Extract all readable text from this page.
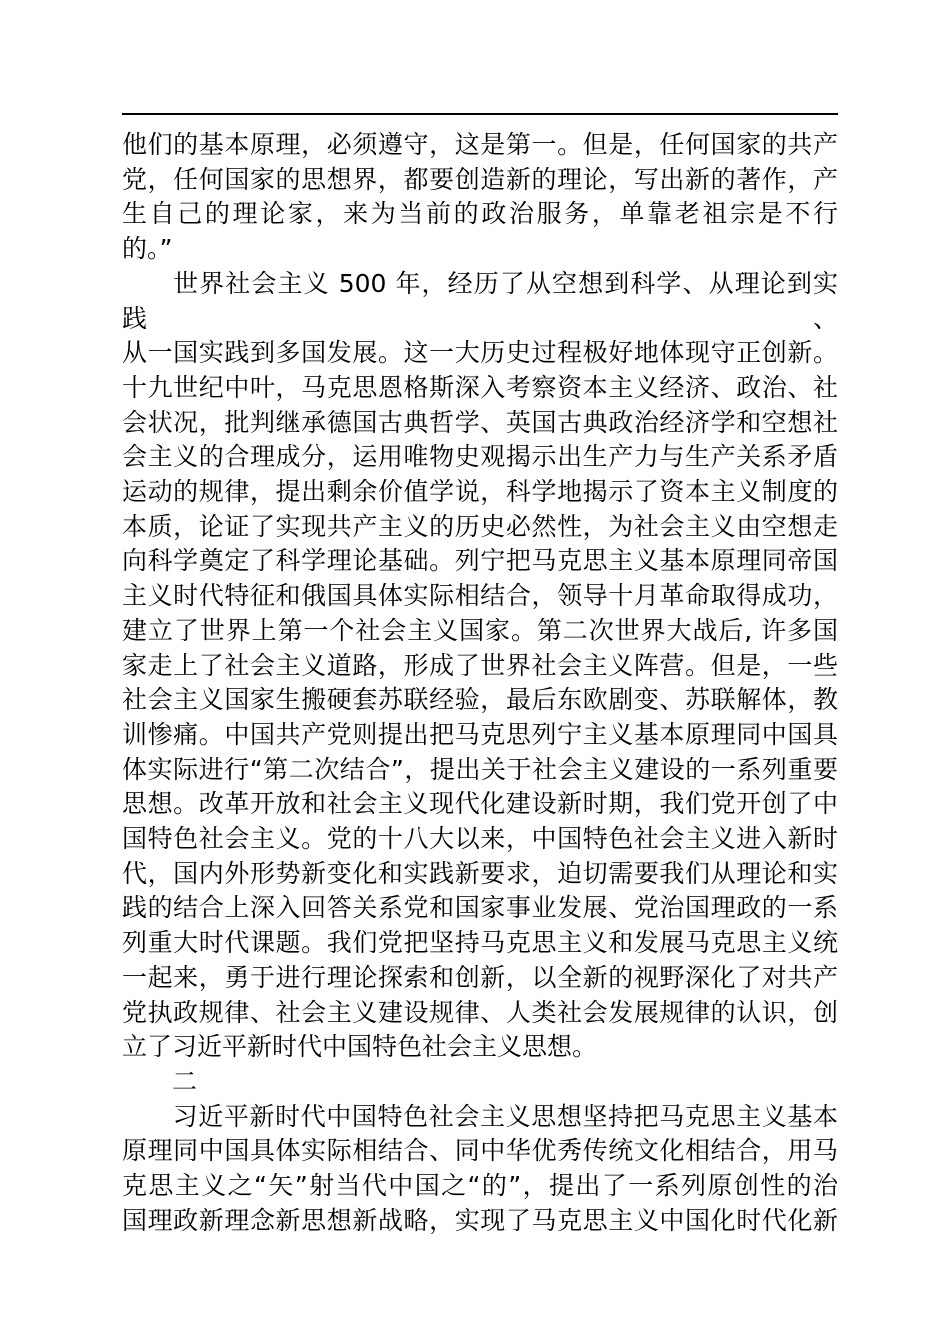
他们的基本原理，必须遵守，这是第一。但是，任何国家的共产

党，任何国家的思想界，都要创造新的理论，写出新的著作，产

生自己的理论家，来为当前的政治服务，单靠老祖宗是不行

的。”

世界社会主义 500 年，经历了从空想到科学、从理论到实践、

从一国实践到多国发展。这一大历史过程极好地体现守正创新。

十九世纪中叶，马克思恩格斯深入考察资本主义经济、政治、社

会状况，批判继承德国古典哲学、英国古典政治经济学和空想社

会主义的合理成分，运用唯物史观揭示出生产力与生产关系矛盾

运动的规律，提出剩余价值学说，科学地揭示了资本主义制度的

本质，论证了实现共产主义的历史必然性，为社会主义由空想走

向科学奠定了科学理论基础。列宁把马克思主义基本原理同帝国

主义时代特征和俄国具体实际相结合，领导十月革命取得成功，

建立了世界上第一个社会主义国家。第二次世界大战后, 许多国

家走上了社会主义道路，形成了世界社会主义阵营。但是，一些

社会主义国家生搬硬套苏联经验，最后东欧剧变、苏联解体，教

训惨痛。中国共产党则提出把马克思列宁主义基本原理同中国具

体实际进行“第二次结合”，提出关于社会主义建设的一系列重要

思想。改革开放和社会主义现代化建设新时期，我们党开创了中

国特色社会主义。党的十八大以来，中国特色社会主义进入新时

代，国内外形势新变化和实践新要求，迫切需要我们从理论和实

践的结合上深入回答关系党和国家事业发展、党治国理政的一系

列重大时代课题。我们党把坚持马克思主义和发展马克思主义统

一起来，勇于进行理论探索和创新，以全新的视野深化了对共产

党执政规律、社会主义建设规律、人类社会发展规律的认识，创

立了习近平新时代中国特色社会主义思想。

二

习近平新时代中国特色社会主义思想坚持把马克思主义基本

原理同中国具体实际相结合、同中华优秀传统文化相结合，用马

克思主义之“矢”射当代中国之“的”，提出了一系列原创性的治

国理政新理念新思想新战略，实现了马克思主义中国化时代化新
